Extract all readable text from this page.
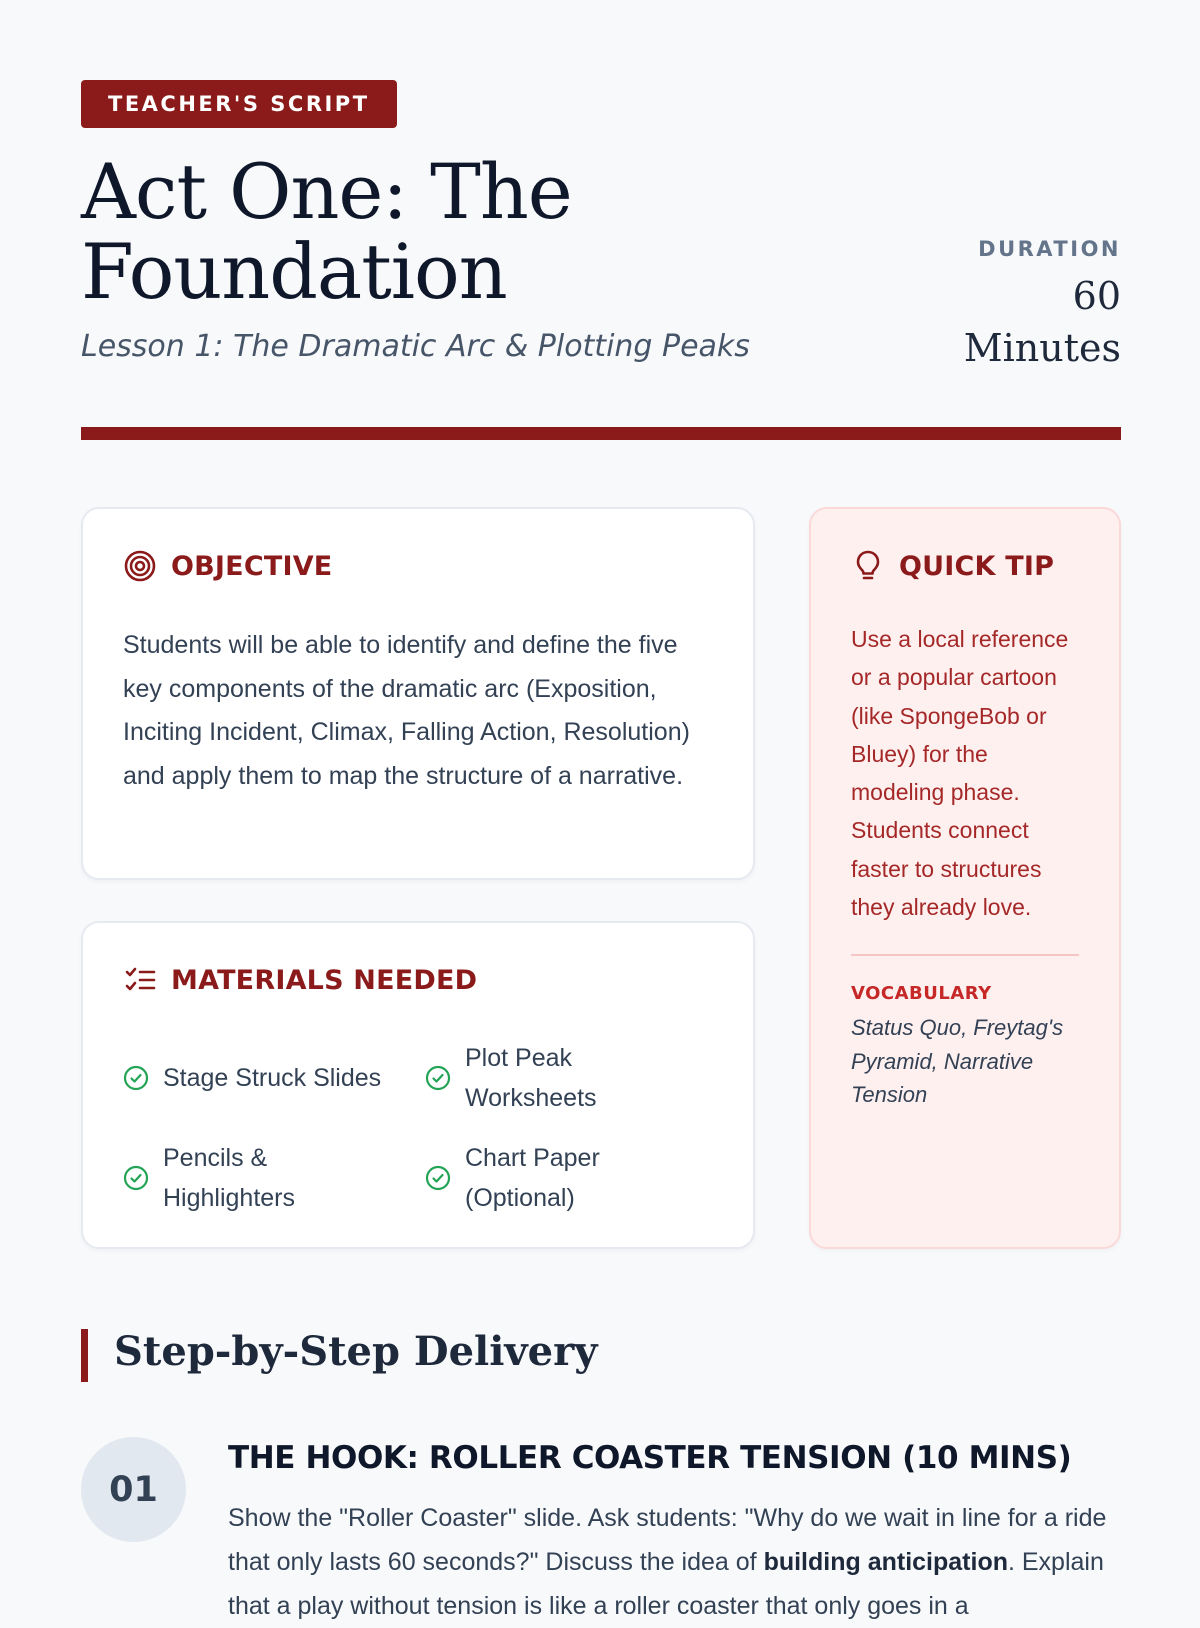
TEACHER'S SCRIPT
Act One: The Foundation
Lesson 1: The Dramatic Arc & Plotting Peaks
DURATION
60 Minutes
OBJECTIVE

Students will be able to identify and define the five key components of the dramatic arc (Exposition, Inciting Incident, Climax, Falling Action, Resolution) and apply them to map the structure of a narrative.

MATERIALS NEEDED
Stage Struck Slides
Plot Peak Worksheets
Pencils & Highlighters
Chart Paper (Optional)
QUICK TIP

Use a local reference or a popular cartoon (like SpongeBob or Bluey) for the modeling phase. Students connect faster to structures they already love.

VOCABULARY
Status Quo, Freytag's Pyramid, Narrative Tension
Step-by-Step Delivery
01
THE HOOK: ROLLER COASTER TENSION (10 MINS)

Show the "Roller Coaster" slide. Ask students: "Why do we wait in line for a ride that only lasts 60 seconds?" Discuss the idea of building anticipation. Explain that a play without tension is like a roller coaster that only goes in a
